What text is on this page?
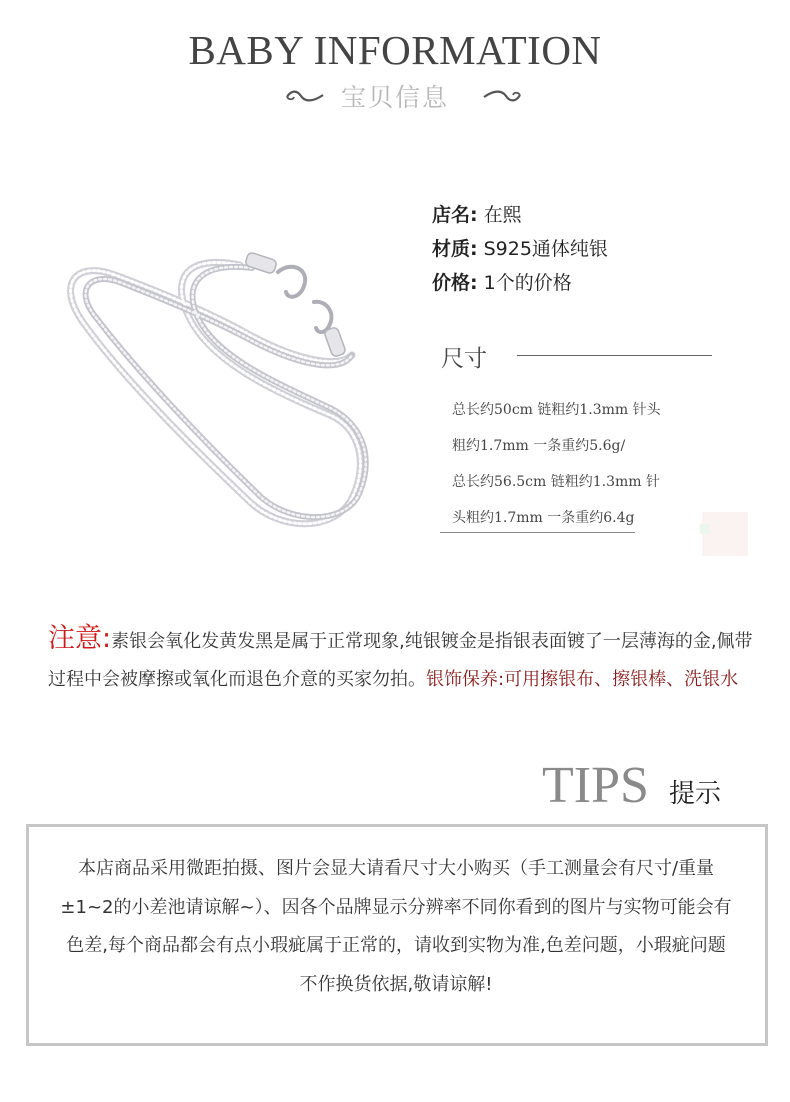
BABY INFORMATION
宝贝信息
店名: 在熙
材质: S925通体纯银
价格: 1个的价格
尺寸
总长约50cm 链粗约1.3mm 针头
粗约1.7mm 一条重约5.6g/
总长约56.5cm 链粗约1.3mm 针
头粗约1.7mm 一条重约6.4g
注意:素银会氧化发黄发黑是属于正常现象,纯银镀金是指银表面镀了一层薄海的金,佩带过程中会被摩擦或氧化而退色介意的买家勿拍。银饰保养:可用擦银布、擦银棒、洗银水
TIPS 提示
本店商品采用微距拍摄、图片会显大请看尺寸大小购买（手工测量会有尺寸/重量±1~2的小差池请谅解~）、因各个品牌显示分辨率不同你看到的图片与实物可能会有色差,每个商品都会有点小瑕疵属于正常的，请收到实物为准,色差问题，小瑕疵问题不作换货依据,敬请谅解!
